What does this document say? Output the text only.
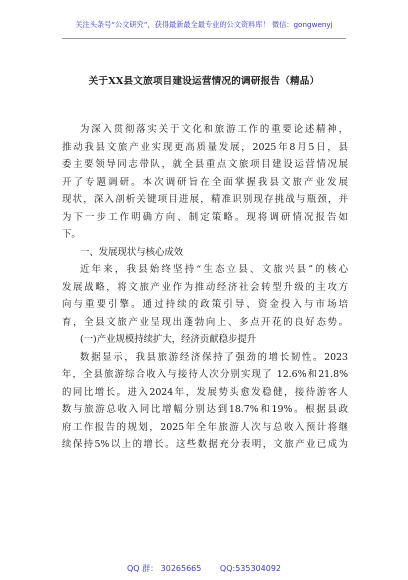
关注头条号“公文研究”，获得最新最全最专业的公文资料库！ 微信：gongwenyj
关于XX县文旅项目建设运营情况的调研报告（精品）
为深入贯彻落实关于文化和旅游工作的重要论述精神，
推动我县文旅产业实现更高质量发展，2025年8月5日，县
委主要领导同志带队，就全县重点文旅项目建设运营情况展
开了专题调研。本次调研旨在全面掌握我县文旅产业发展
现状，深入剖析关键项目进展，精准识别现存挑战与瓶颈，并
为下一步工作明确方向、制定策略。现将调研情况报告如
下。
一、发展现状与核心成效
近年来，我县始终坚持“生态立县、文旅兴县”的核心
发展战略，将文旅产业作为推动经济社会转型升级的主攻方
向与重要引擎。通过持续的政策引导、资金投入与市场培
育，全县文旅产业呈现出蓬勃向上、多点开花的良好态势。
(一)产业规模持续扩大，经济贡献稳步提升
数据显示，我县旅游经济保持了强劲的增长韧性。2023
年，全县旅游综合收入与接待人次分别实现了 12.6%和21.8%
的同比增长。进入2024年，发展势头愈发稳健，接待游客人
数与旅游总收入同比增幅分别达到18.7%和19%。根据县政
府工作报告的规划，2025年全年旅游人次与总收入预计将继
续保持5%以上的增长。这些数据充分表明，文旅产业已成为
QQ 群： 30265665 QQ:535304092
